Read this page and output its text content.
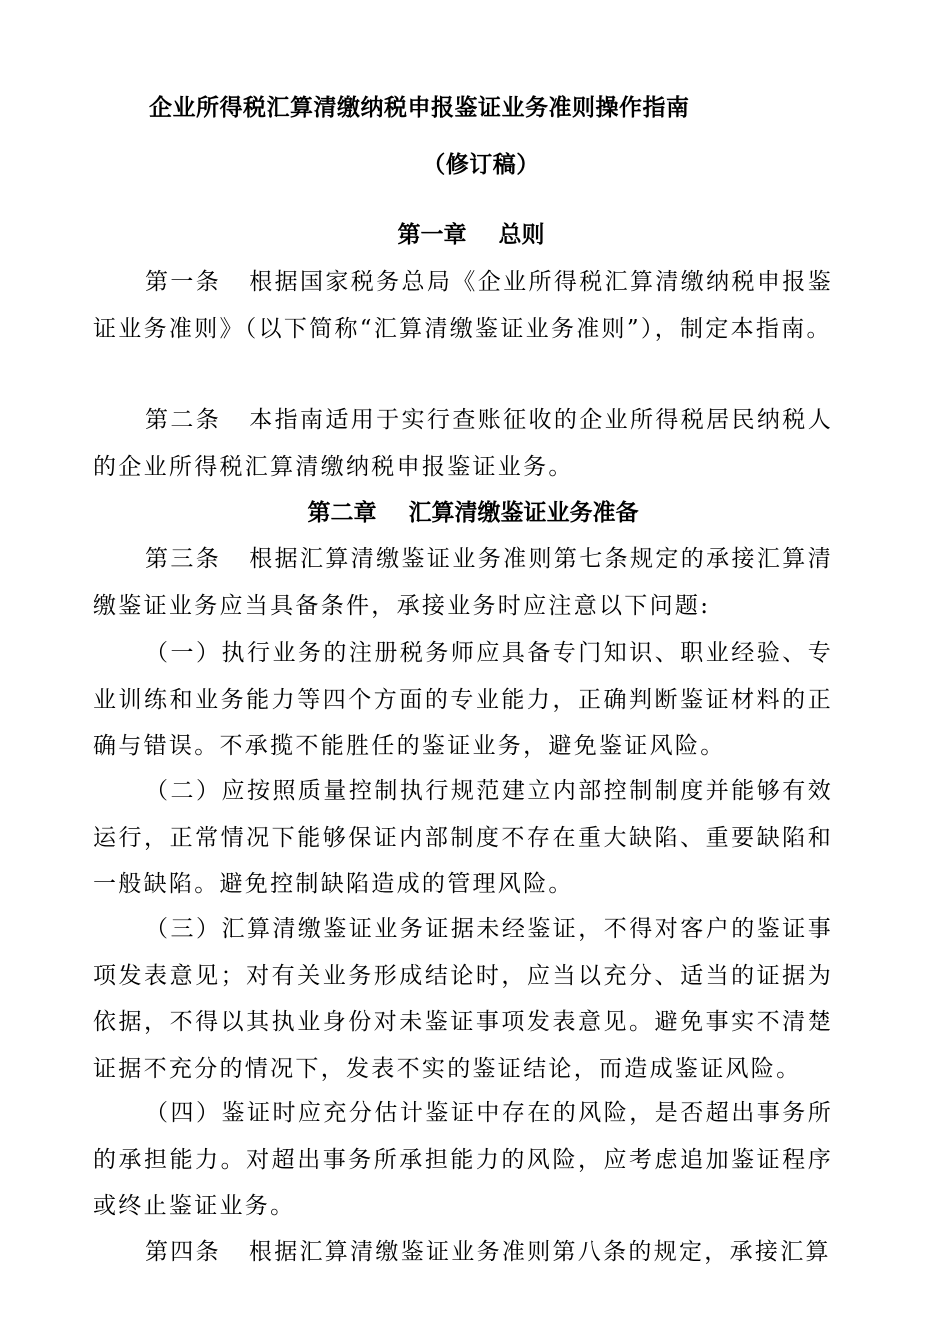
企业所得税汇算清缴纳税申报鉴证业务准则操作指南
（修订稿）
第一章    总则

第一条 根据国家税务总局《企业所得税汇算清缴纳税申报鉴证业务准则》（以下简称“汇算清缴鉴证业务准则”），制定本指南。

第二条 本指南适用于实行查账征收的企业所得税居民纳税人的企业所得税汇算清缴纳税申报鉴证业务。

第二章    汇算清缴鉴证业务准备

第三条 根据汇算清缴鉴证业务准则第七条规定的承接汇算清缴鉴证业务应当具备条件，承接业务时应注意以下问题:

（一）执行业务的注册税务师应具备专门知识、职业经验、专业训练和业务能力等四个方面的专业能力，正确判断鉴证材料的正确与错误。不承揽不能胜任的鉴证业务，避免鉴证风险。

（二）应按照质量控制执行规范建立内部控制制度并能够有效运行，正常情况下能够保证内部制度不存在重大缺陷、重要缺陷和一般缺陷。避免控制缺陷造成的管理风险。

（三）汇算清缴鉴证业务证据未经鉴证，不得对客户的鉴证事项发表意见；对有关业务形成结论时，应当以充分、适当的证据为依据，不得以其执业身份对未鉴证事项发表意见。避免事实不清楚证据不充分的情况下，发表不实的鉴证结论，而造成鉴证风险。

（四）鉴证时应充分估计鉴证中存在的风险，是否超出事务所的承担能力。对超出事务所承担能力的风险，应考虑追加鉴证程序或终止鉴证业务。

第四条 根据汇算清缴鉴证业务准则第八条的规定，承接汇算
